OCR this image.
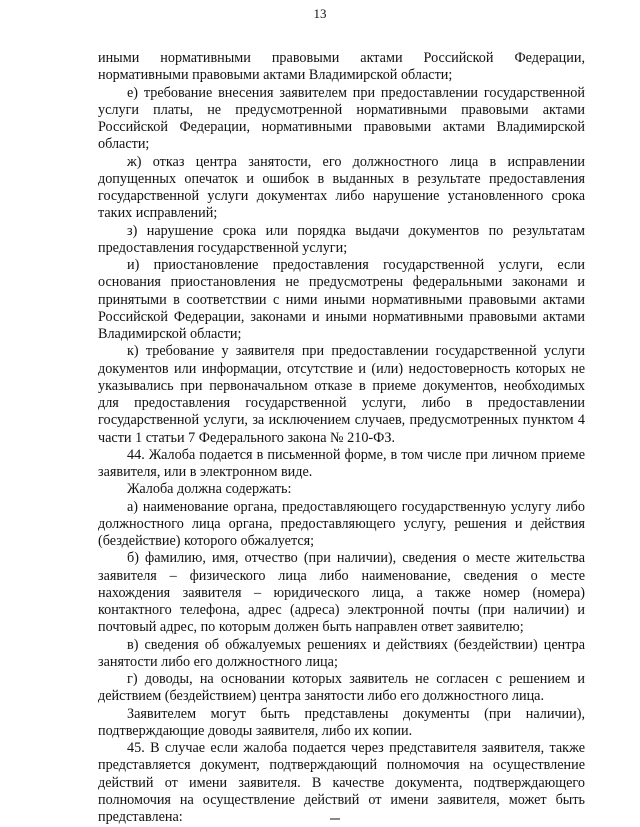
13

иными нормативными правовыми актами Российской Федерации, нормативными правовыми актами Владимирской области;

е) требование внесения заявителем при предоставлении государственной услуги платы, не предусмотренной нормативными правовыми актами Российской Федерации, нормативными правовыми актами Владимирской области;

ж) отказ центра занятости, его должностного лица в исправлении допущенных опечаток и ошибок в выданных в результате предоставления государственной услуги документах либо нарушение установленного срока таких исправлений;

з) нарушение срока или порядка выдачи документов по результатам предоставления государственной услуги;

и) приостановление предоставления государственной услуги, если основания приостановления не предусмотрены федеральными законами и принятыми в соответствии с ними иными нормативными правовыми актами Российской Федерации, законами и иными нормативными правовыми актами Владимирской области;

к) требование у заявителя при предоставлении государственной услуги документов или информации, отсутствие и (или) недостоверность которых не указывались при первоначальном отказе в приеме документов, необходимых для предоставления государственной услуги, либо в предоставлении государственной услуги, за исключением случаев, предусмотренных пунктом 4 части 1 статьи 7 Федерального закона № 210-ФЗ.

44. Жалоба подается в письменной форме, в том числе при личном приеме заявителя, или в электронном виде.

Жалоба должна содержать:

а) наименование органа, предоставляющего государственную услугу либо должностного лица органа, предоставляющего услугу, решения и действия (бездействие) которого обжалуется;

б) фамилию, имя, отчество (при наличии), сведения о месте жительства заявителя – физического лица либо наименование, сведения о месте нахождения заявителя – юридического лица, а также номер (номера) контактного телефона, адрес (адреса) электронной почты (при наличии) и почтовый адрес, по которым должен быть направлен ответ заявителю;

в) сведения об обжалуемых решениях и действиях (бездействии) центра занятости либо его должностного лица;

г) доводы, на основании которых заявитель не согласен с решением и действием (бездействием) центра занятости либо его должностного лица.

Заявителем могут быть представлены документы (при наличии), подтверждающие доводы заявителя, либо их копии.

45. В случае если жалоба подается через представителя заявителя, также представляется документ, подтверждающий полномочия на осуществление действий от имени заявителя. В качестве документа, подтверждающего полномочия на осуществление действий от имени заявителя, может быть представлена:
